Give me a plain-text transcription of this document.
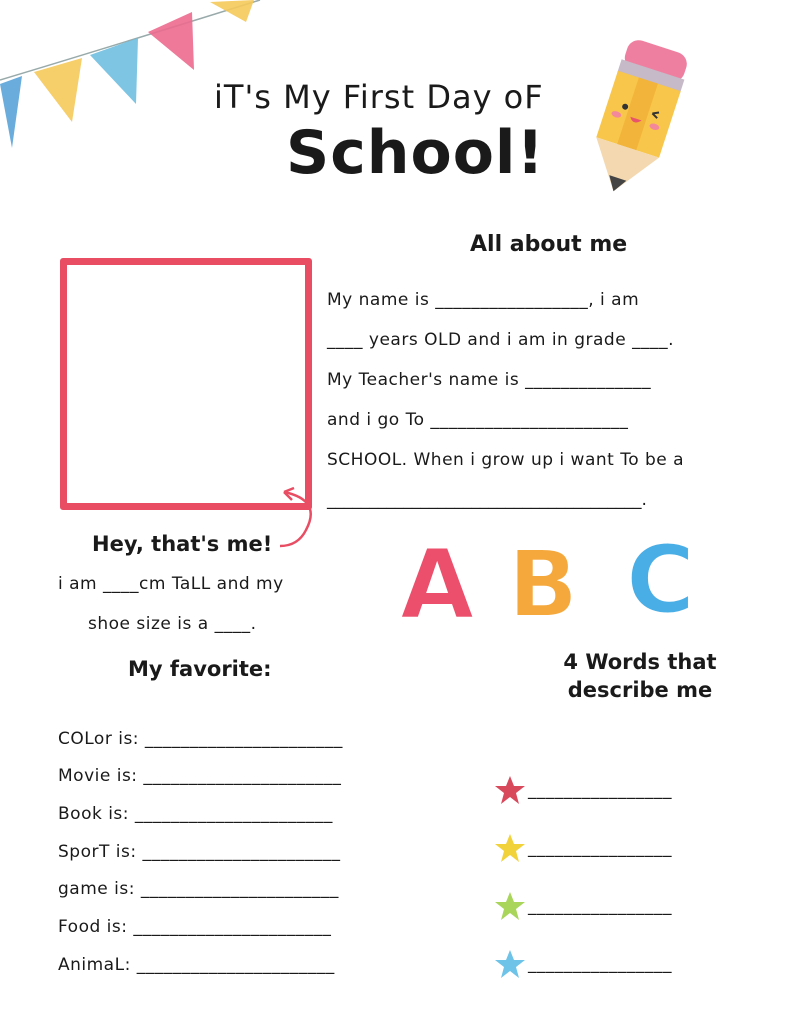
iT's My First Day oF
School!
All about me
My name is _________________, i am
____ years OLD and i am in grade ____.
My Teacher's name is ______________
and i go To ______________________
SCHOOL. When i grow up i want To be a
_____________________________________.
Hey, that's me!
i am ____cm TaLL and my
shoe size is a ____.
My favorite:
COLor is: ______________________
Movie is: ______________________
Book is: ______________________
SporT is: ______________________
game is: ______________________
Food is: ______________________
AnimaL: ______________________
A B C
4 Words that
describe me
________________
________________
________________
________________
